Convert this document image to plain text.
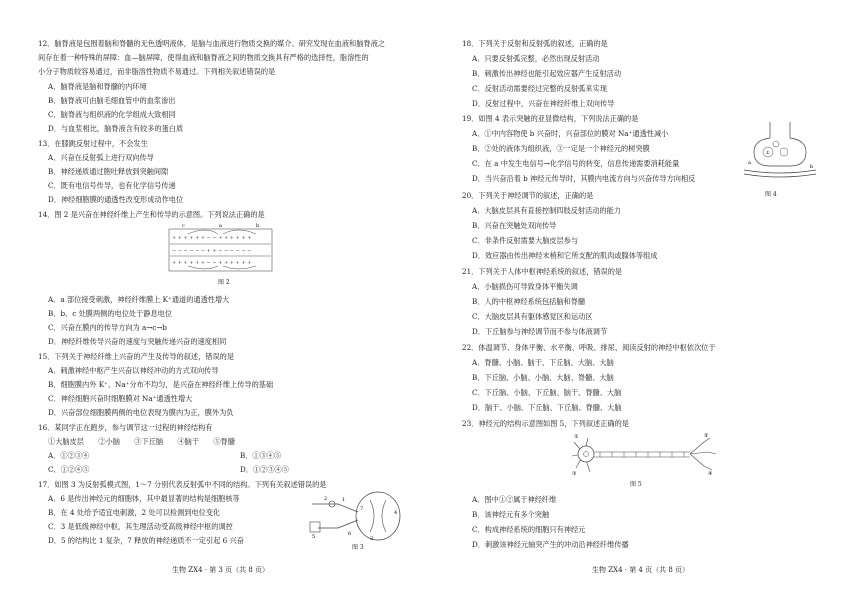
12．脑脊液是包围着脑和脊髓的无色透明液体，是脑与血液进行物质交换的媒介。研究发现在血液和脑脊液之
间存在着一种特殊的屏障：血—脑屏障，使得血液和脑脊液之间的物质交换具有严格的选择性，脂溶性的
小分子物质较容易通过，而非脂溶性物质不易通过。下列相关叙述错误的是
A．脑脊液是脑和脊髓的内环境
B．脑脊液可由脑毛细血管中的血浆渗出
C．脑脊液与组织液的化学组成大致相同
D．与血浆相比，脑脊液含有较多的蛋白质
13．在膝跳反射过程中，不会发生
A．兴奋在反射弧上进行双向传导
B．神经递质通过胞吐释放到突触间隙
C．既有电信号传导，也有化学信号传递
D．神经细胞膜的通透性改变形成动作电位
14．图 2 是兴奋在神经纤维上产生和传导的示意图。下列说法正确的是
+ + + + + + − − + + + + + +
− − − − − − + + − − − − − −
+ + + + + + − − + + + + + +
c	a	b
图 2
A．a 部位接受刺激，神经纤维膜上 K⁺通道的通透性增大
B．b、c 处膜两侧的电位处于静息电位
C．兴奋在膜内的传导方向为 a→c→b
D．神经纤维传导兴奋的速度与突触传递兴奋的速度相同
15．下列关于神经纤维上兴奋的产生及传导的叙述，错误的是
A．刺激神经中枢产生兴奋以神经冲动的方式双向传导
B．细胞膜内外 K⁺、Na⁺分布不均匀，是兴奋在神经纤维上传导的基础
C．神经细胞兴奋时细胞膜对 Na⁺通透性增大
D．兴奋部位细胞膜两侧的电位表现为膜内为正，膜外为负
16．某同学正在跑步，参与调节这一过程的神经结构有
①大脑皮层　　②小脑　　③下丘脑　　④脑干　　⑤脊髓
A．①②③④	B．①③④⑤
C．①②④⑤	D．①②③④⑤
17．如图 3 为反射弧模式图，1～7 分别代表反射弧中不同的结构。下列有关叙述错误的是
A．6 是传出神经元的细胞体，其中最显著的结构是细胞核等
B．在 4 处给予适宜电刺激，2 处可以检测到电位变化
C．3 是低级神经中枢，其生理活动受高级神经中枢的调控
D．5 的结构比 1 复杂，7 释放的神经递质不一定引起 6 兴奋
2	1
6
3
4
5
7
图 3
生物 ZX4 · 第 3 页（共 8 页）
18．下列关于反射和反射弧的叙述，正确的是
A．只要反射弧完整，必然出现反射活动
B．刺激传出神经也能引起效应器产生反射活动
C．反射活动需要经过完整的反射弧来实现
D．反射过程中，兴奋在神经纤维上双向传导
19．如图 4 表示突触的亚显微结构，下列说法正确的是
A．①中内容物使 b 兴奋时，兴奋部位的膜对 Na⁺通透性减小
B．②处的液体为组织液，③一定是一个神经元的树突膜
C．在 a 中发生电信号→化学信号的转变，信息传递需要消耗能量
D．当兴奋沿着 b 神经元传导时，其膜内电流方向与兴奋传导方向相反
①
a
b
图 4
20．下列关于神经调节的叙述，正确的是
A．大脑皮层具有直接控制四肢反射活动的能力
B．兴奋在突触处双向传导
C．非条件反射需要大脑皮层参与
D．效应器由传出神经末梢和它所支配的肌肉或腺体等组成
21．下列关于人体中枢神经系统的叙述，错误的是
A．小脑损伤可导致身体平衡失调
B．人的中枢神经系统包括脑和脊髓
C．大脑皮层具有躯体感觉区和运动区
D．下丘脑参与神经调节而不参与体液调节
22．体温调节、身体平衡、水平衡、呼吸、排尿、阅读反射的神经中枢依次位于
A．脊髓、小脑、脑干、下丘脑、大脑、大脑
B．下丘脑、小脑、小脑、大脑、脊髓、大脑
C．下丘脑、小脑、下丘脑、脑干、脊髓、大脑
D．脑干、小脑、下丘脑、下丘脑、脊髓、大脑
23．神经元的结构示意图如图 5，下列叙述正确的是
①	②
③	④
图 5
A．图中①②属于神经纤维
B．该神经元有多个突触
C．构成神经系统的细胞只有神经元
D．刺激该神经元轴突产生的冲动沿神经纤维传播
生物 ZX4 · 第 4 页（共 8 页）
